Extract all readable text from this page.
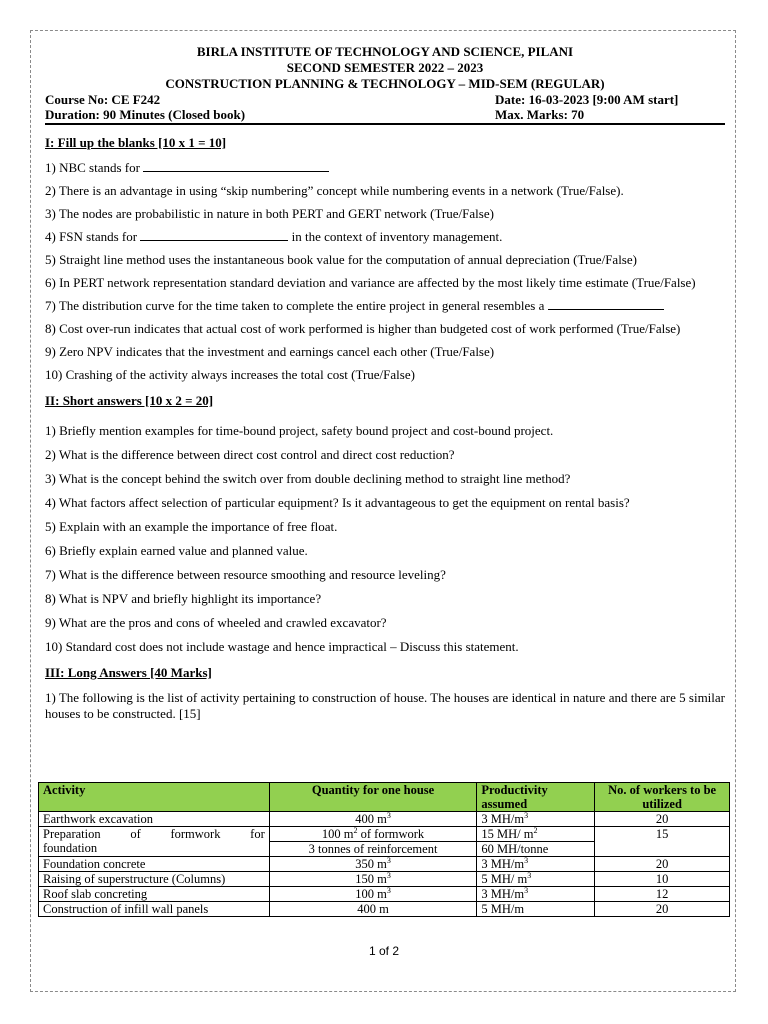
BIRLA INSTITUTE OF TECHNOLOGY AND SCIENCE, PILANI
SECOND SEMESTER 2022 – 2023
CONSTRUCTION PLANNING & TECHNOLOGY – MID-SEM (REGULAR)
Course No: CE F242	Date: 16-03-2023 [9:00 AM start]
Duration: 90 Minutes (Closed book)	Max. Marks: 70
I: Fill up the blanks [10 x 1 = 10]
1) NBC stands for
2) There is an advantage in using “skip numbering” concept while numbering events in a network (True/False).
3) The nodes are probabilistic in nature in both PERT and GERT network (True/False)
4) FSN stands for	in the context of inventory management.
5) Straight line method uses the instantaneous book value for the computation of annual depreciation (True/False)
6) In PERT network representation standard deviation and variance are affected by the most likely time estimate (True/False)
7) The distribution curve for the time taken to complete the entire project in general resembles a
8) Cost over-run indicates that actual cost of work performed is higher than budgeted cost of work performed (True/False)
9) Zero NPV indicates that the investment and earnings cancel each other (True/False)
10) Crashing of the activity always increases the total cost (True/False)
II: Short answers [10 x 2 = 20]
1) Briefly mention examples for time-bound project, safety bound project and cost-bound project.
2) What is the difference between direct cost control and direct cost reduction?
3) What is the concept behind the switch over from double declining method to straight line method?
4) What factors affect selection of particular equipment? Is it advantageous to get the equipment on rental basis?
5) Explain with an example the importance of free float.
6) Briefly explain earned value and planned value.
7) What is the difference between resource smoothing and resource leveling?
8) What is NPV and briefly highlight its importance?
9) What are the pros and cons of wheeled and crawled excavator?
10) Standard cost does not include wastage and hence impractical – Discuss this statement.
III: Long Answers [40 Marks]
1) The following is the list of activity pertaining to construction of house. The houses are identical in nature and there are 5 similar houses to be constructed. [15]
Activity	Quantity for one house	Productivity assumed	No. of workers to be utilized
Earthwork excavation	400 $m^3$	3 $MH/m^3$	20

Preparation of formwork for
foundation	100 $m^2$ of formwork	15 MH/ $m^2$	15
	3 tonnes of reinforcement	60 MH/tonne	
Foundation concrete	350 $m^3$	3 $MH/m^3$	20
Raising of superstructure (Columns)	150 $m^3$	5 MH/ $m^3$	10
Roof slab concreting	100 $m^3$	3 $MH/m^3$	12
Construction of infill wall panels	400 m	5 MH/m	20
1 of 2
